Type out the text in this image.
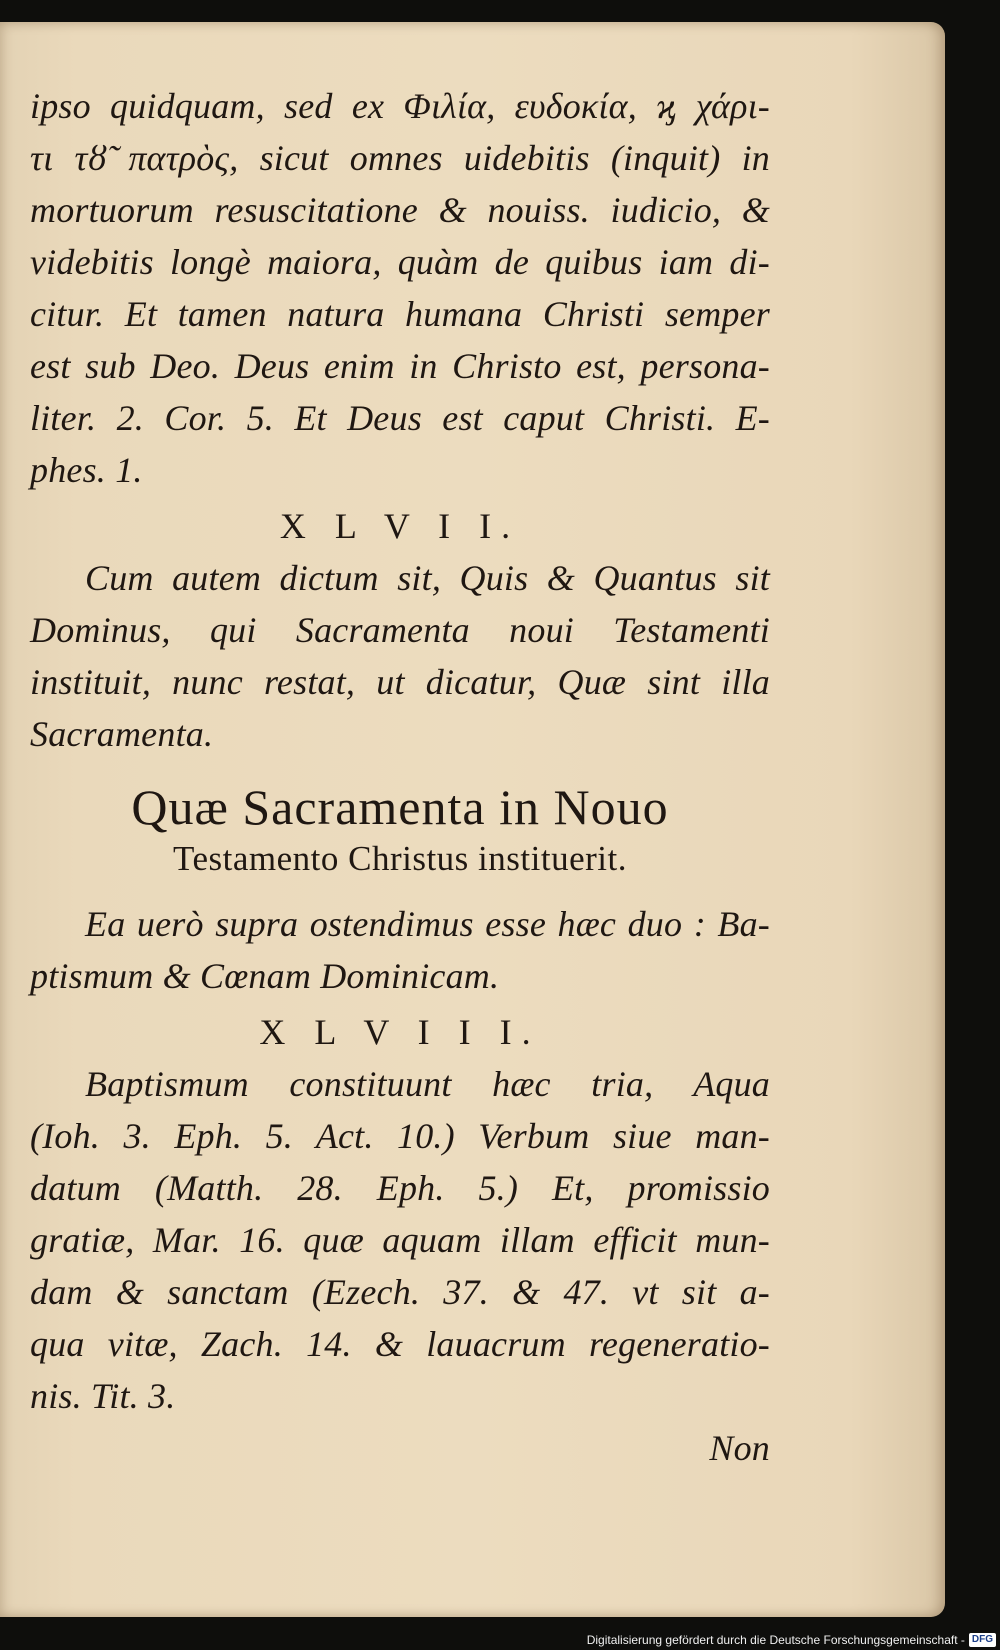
ipso quidquam, sed ex Φιλία, ευδοκία, ϗ χάρι-
τι τȣ̃ πατρὸς, sicut omnes uidebitis (inquit) in
mortuorum resuscitatione & nouiss. iudicio, &
videbitis longè maiora, quàm de quibus iam di-
citur. Et tamen natura humana Christi semper
est sub Deo. Deus enim in Christo est, persona-
liter. 2. Cor. 5. Et Deus est caput Christi. E-
phes. 1.
X L V I I.
Cum autem dictum sit, Quis & Quantus sit
Dominus, qui Sacramenta noui Testamenti
instituit, nunc restat, ut dicatur, Quæ sint illa
Sacramenta.
Quæ Sacramenta in Nouo
Testamento Christus instituerit.
Ea uerò supra ostendimus esse hæc duo : Ba-
ptismum & Cœnam Dominicam.
X L V I I I.
Baptismum constituunt hæc tria, Aqua
(Ioh. 3. Eph. 5. Act. 10.) Verbum siue man-
datum (Matth. 28. Eph. 5.) Et, promissio
gratiæ, Mar. 16. quæ aquam illam efficit mun-
dam & sanctam (Ezech. 37. & 47. vt sit a-
qua vitæ, Zach. 14. & lauacrum regeneratio-
nis. Tit. 3.
Non
Digitalisierung gefördert durch die Deutsche Forschungsgemeinschaft - DFG
